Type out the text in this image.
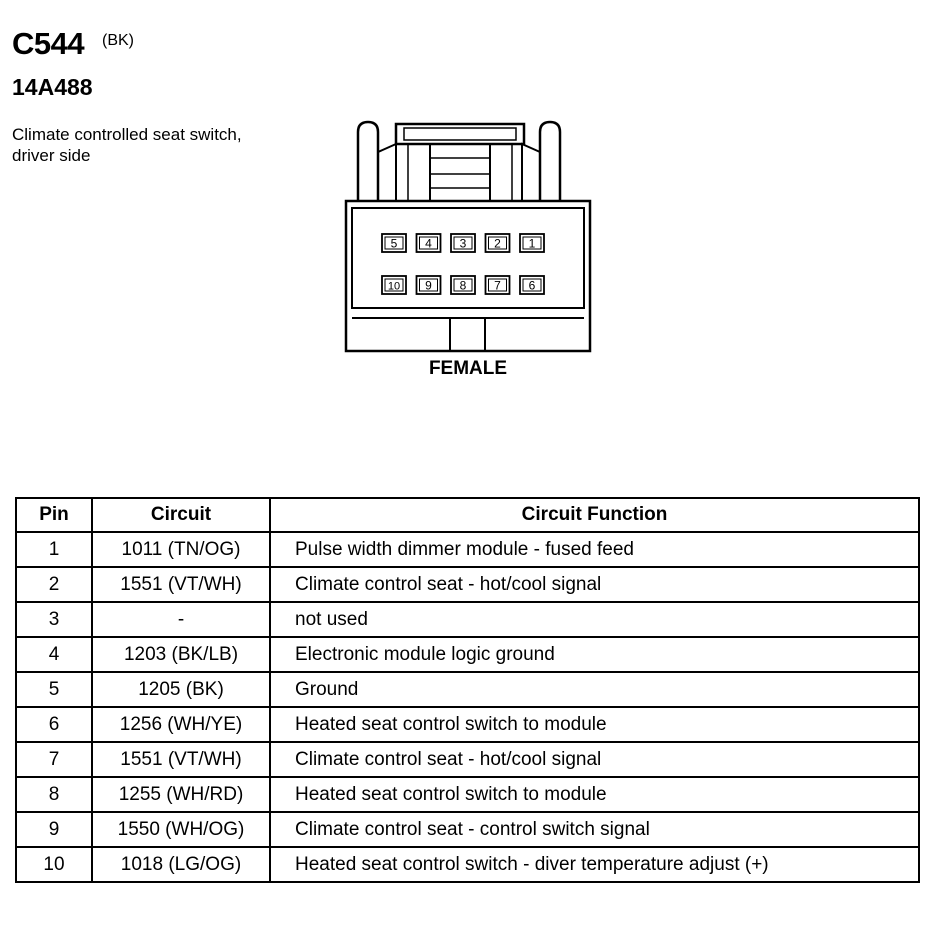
C544 (BK)
14A488
Climate controlled seat switch, driver side
5 4 3 2 1
10 9 8 7 6
FEMALE
Pin	Circuit	Circuit Function
1	1011 (TN/OG)	Pulse width dimmer module - fused feed
2	1551 (VT/WH)	Climate control seat - hot/cool signal
3	-	not used
4	1203 (BK/LB)	Electronic module logic ground
5	1205 (BK)	Ground
6	1256 (WH/YE)	Heated seat control switch to module
7	1551 (VT/WH)	Climate control seat - hot/cool signal
8	1255 (WH/RD)	Heated seat control switch to module
9	1550 (WH/OG)	Climate control seat - control switch signal
10	1018 (LG/OG)	Heated seat control switch - diver temperature adjust (+)
